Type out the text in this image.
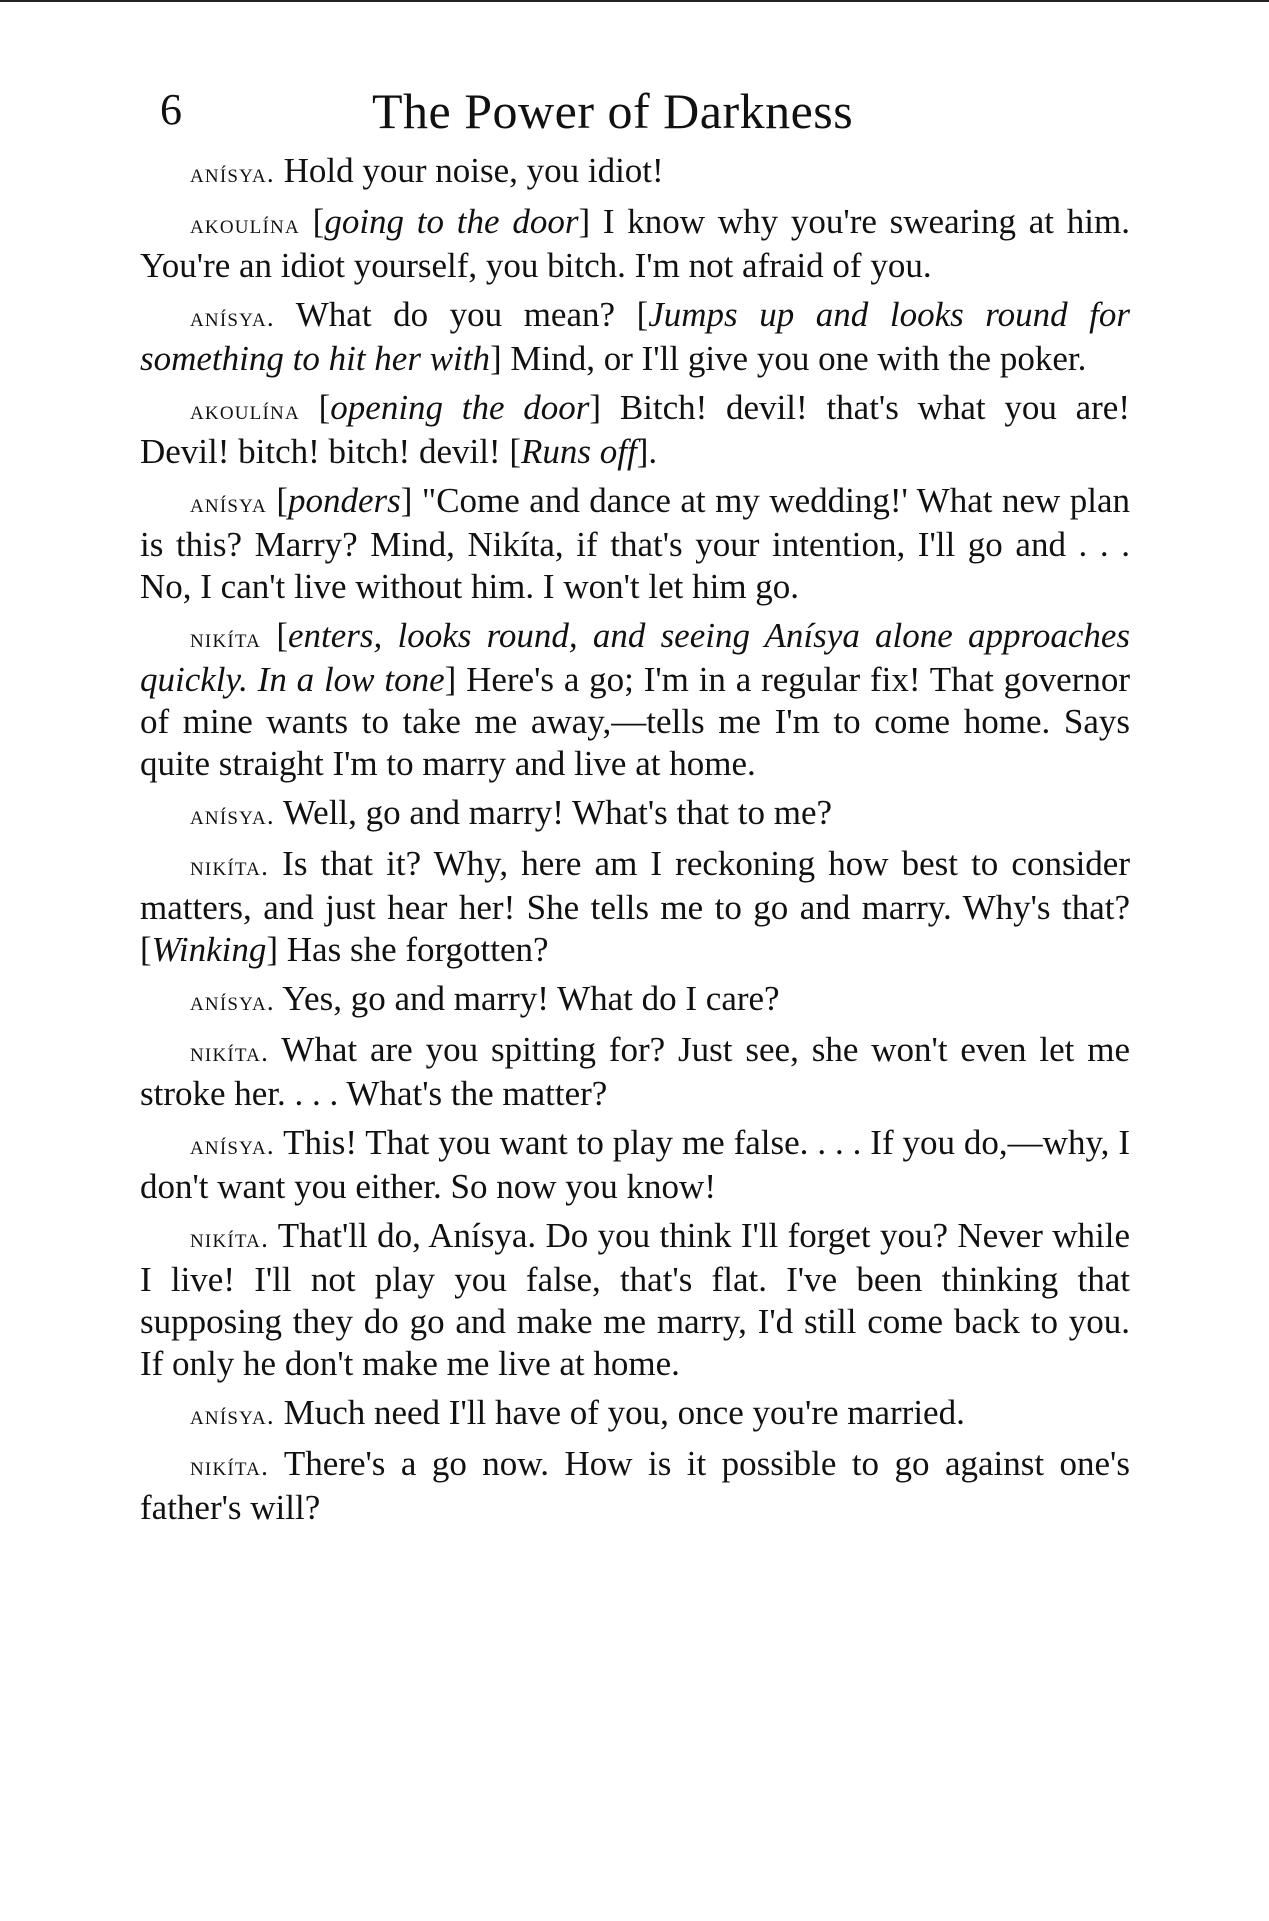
6	The Power of Darkness

anísya. Hold your noise, you idiot!

akoulína [going to the door] I know why you're swearing at him. You're an idiot yourself, you bitch. I'm not afraid of you.

anísya. What do you mean? [Jumps up and looks round for something to hit her with] Mind, or I'll give you one with the poker.

akoulína [opening the door] Bitch! devil! that's what you are! Devil! bitch! bitch! devil! [Runs off].

anísya [ponders] "Come and dance at my wedding!' What new plan is this? Marry? Mind, Nikíta, if that's your intention, I'll go and . . . No, I can't live without him. I won't let him go.

nikíta [enters, looks round, and seeing Anísya alone approaches quickly. In a low tone] Here's a go; I'm in a regular fix! That governor of mine wants to take me away,—tells me I'm to come home. Says quite straight I'm to marry and live at home.

anísya. Well, go and marry! What's that to me?

nikíta. Is that it? Why, here am I reckoning how best to consider matters, and just hear her! She tells me to go and marry. Why's that? [Winking] Has she forgotten?

anísya. Yes, go and marry! What do I care?

nikíta. What are you spitting for? Just see, she won't even let me stroke her. . . . What's the matter?

anísya. This! That you want to play me false. . . . If you do,—why, I don't want you either. So now you know!

nikíta. That'll do, Anísya. Do you think I'll forget you? Never while I live! I'll not play you false, that's flat. I've been thinking that supposing they do go and make me marry, I'd still come back to you. If only he don't make me live at home.

anísya. Much need I'll have of you, once you're married.

nikíta. There's a go now. How is it possible to go against one's father's will?
